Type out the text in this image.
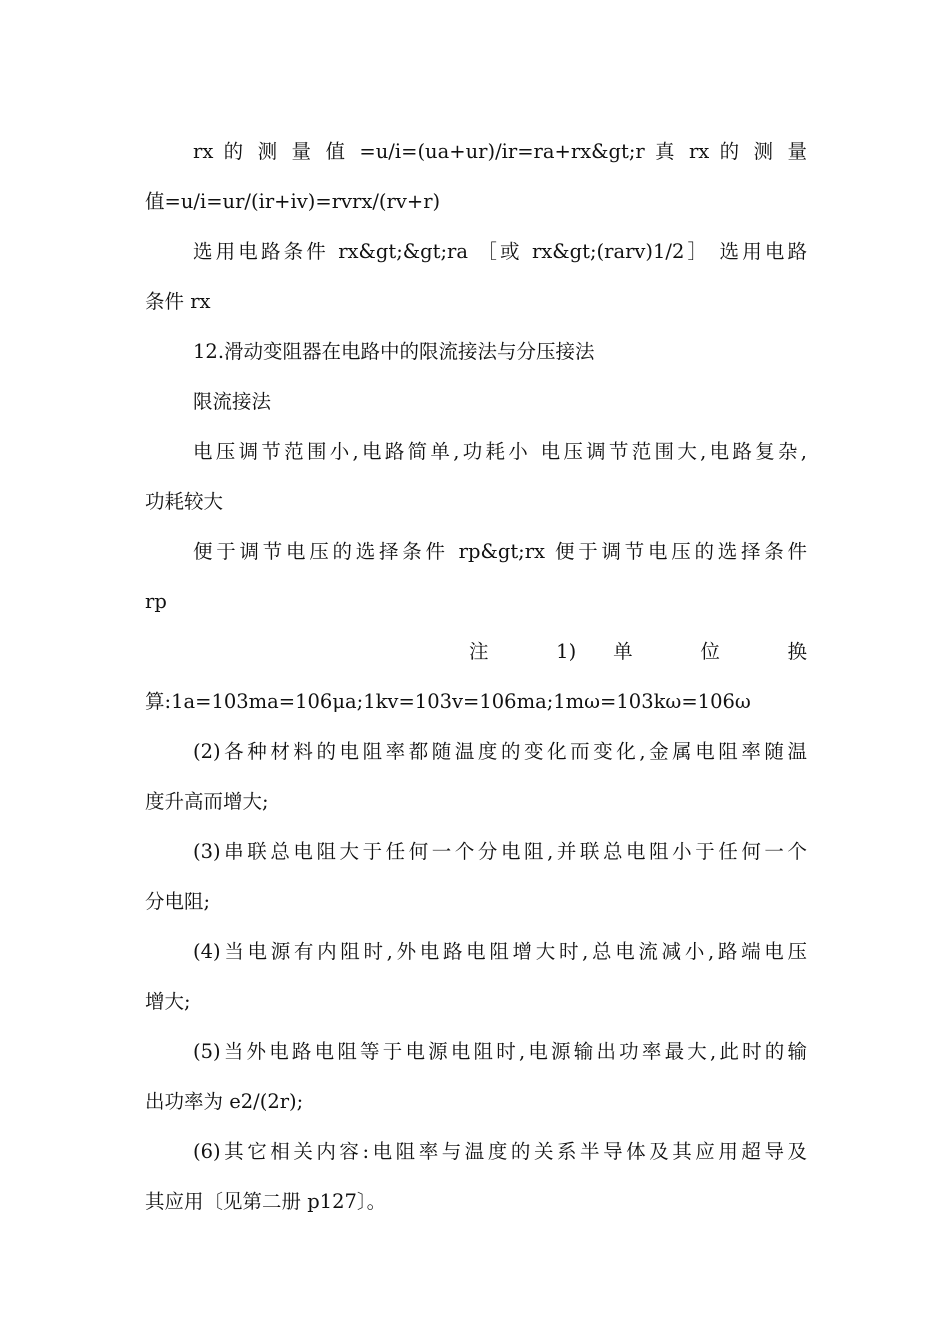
rx 的 测 量 值 =u/i=(ua+ur)/ir=ra+rx&gt;r 真 rx 的 测 量
值=u/i=ur/(ir+iv)=rvrx/(rv+r)
选用电路条件 rx&gt;&gt;ra ［或 rx&gt;(rarv)1/2］ 选用电路
条件 rx
12.滑动变阻器在电路中的限流接法与分压接法
限流接法
电压调节范围小,电路简单,功耗小 电压调节范围大,电路复杂,
功耗较大
便于调节电压的选择条件 rp&gt;rx 便于调节电压的选择条件
rp
注 1) 单 位 换
算:1a=103ma=106μa;1kv=103v=106ma;1mω=103kω=106ω
(2)各种材料的电阻率都随温度的变化而变化,金属电阻率随温
度升高而增大;
(3)串联总电阻大于任何一个分电阻,并联总电阻小于任何一个
分电阻;
(4)当电源有内阻时,外电路电阻增大时,总电流减小,路端电压
增大;
(5)当外电路电阻等于电源电阻时,电源输出功率最大,此时的输
出功率为 e2/(2r);
(6)其它相关内容:电阻率与温度的关系半导体及其应用超导及
其应用〔见第二册 p127〕。
